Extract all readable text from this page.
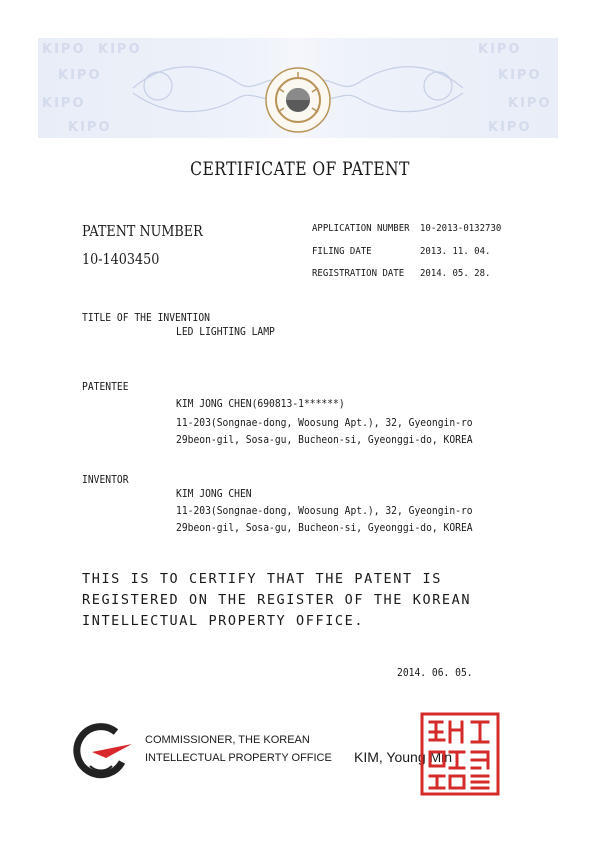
KIPO KIPO	KIPO
KIPO	KIPO
KIPO	KIPO
KIPO	KIPO
CERTIFICATE OF PATENT
PATENT NUMBER
10-1403450
APPLICATION NUMBER 10-2013-0132730
FILING DATE	2013. 11. 04.
REGISTRATION DATE 2014. 05. 28.
TITLE OF THE INVENTION
LED LIGHTING LAMP
PATENTEE
KIM JONG CHEN(690813-1******)
11-203(Songnae-dong, Woosung Apt.), 32, Gyeongin-ro
29beon-gil, Sosa-gu, Bucheon-si, Gyeonggi-do, KOREA
INVENTOR
KIM JONG CHEN
11-203(Songnae-dong, Woosung Apt.), 32, Gyeongin-ro
29beon-gil, Sosa-gu, Bucheon-si, Gyeonggi-do, KOREA
THIS IS TO CERTIFY THAT THE PATENT IS
REGISTERED ON THE REGISTER OF THE KOREAN
INTELLECTUAL PROPERTY OFFICE.
2014. 06. 05.
COMMISSIONER, THE KOREAN
INTELLECTUAL PROPERTY OFFICE KIM, Young Min
